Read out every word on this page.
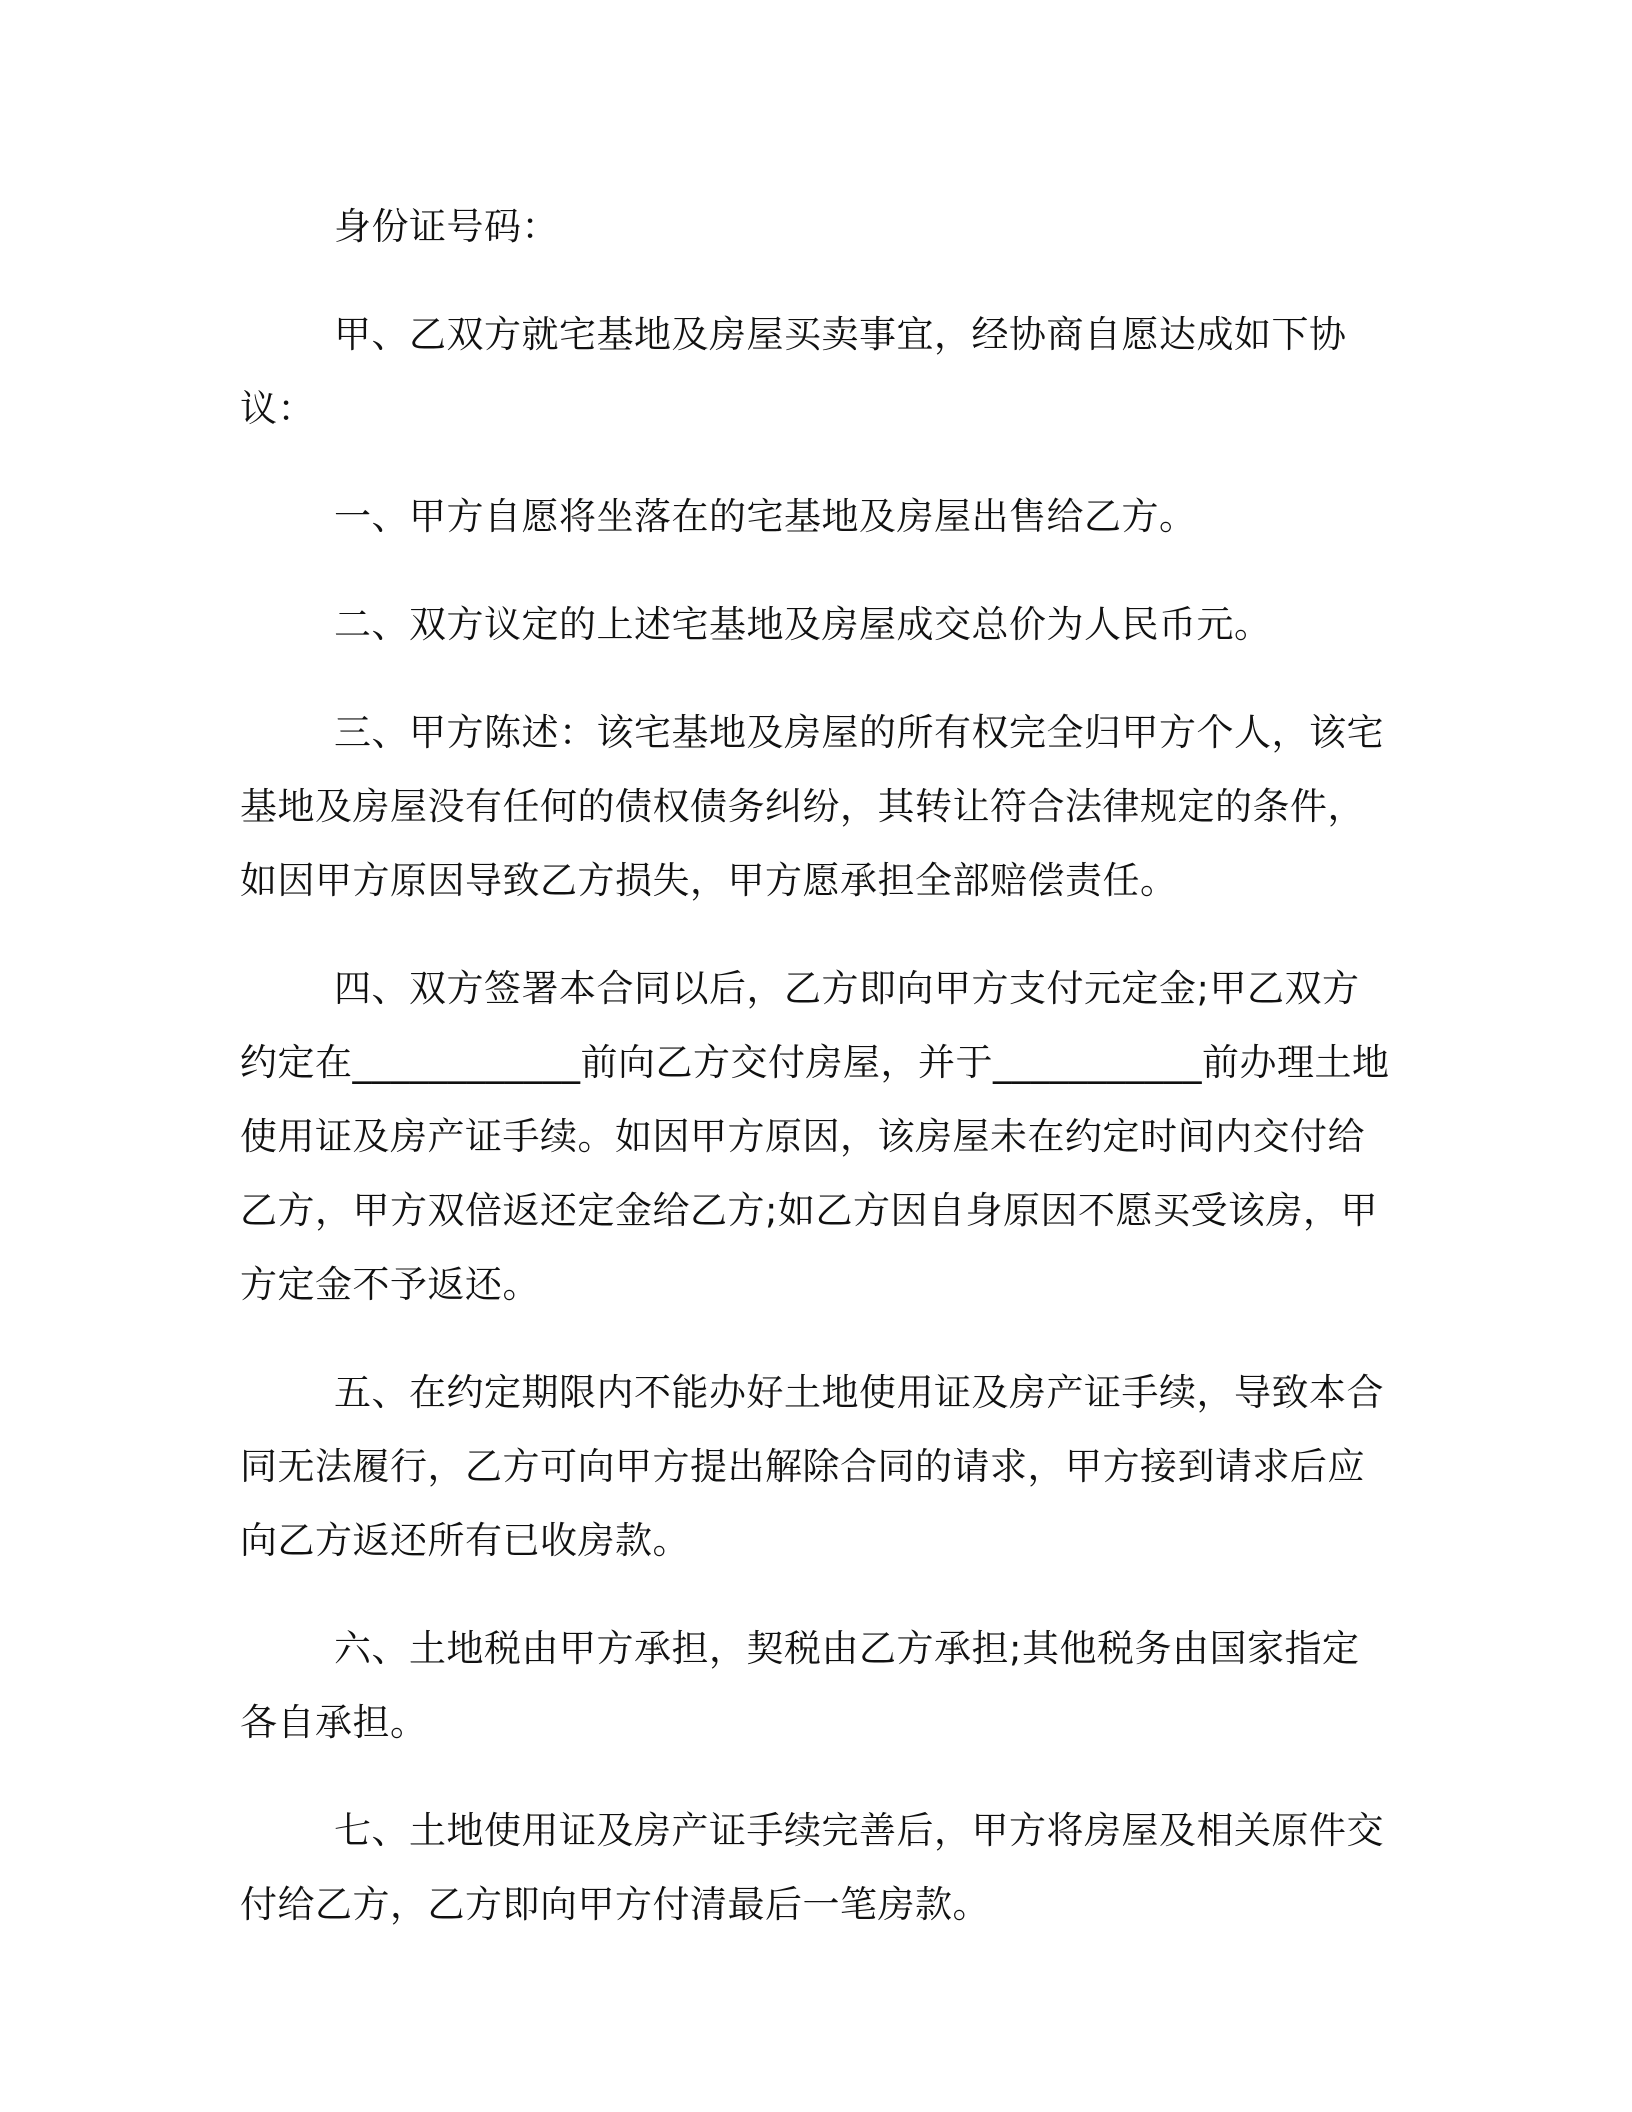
身份证号码：

甲、乙双方就宅基地及房屋买卖事宜，经协商自愿达成如下协议：

一、甲方自愿将坐落在的宅基地及房屋出售给乙方。

二、双方议定的上述宅基地及房屋成交总价为人民币元。

三、甲方陈述：该宅基地及房屋的所有权完全归甲方个人，该宅
基地及房屋没有任何的债权债务纠纷，其转让符合法律规定的条件，
如因甲方原因导致乙方损失，甲方愿承担全部赔偿责任。

四、双方签署本合同以后，乙方即向甲方支付元定金;甲乙双方
约定在____________前向乙方交付房屋，并于___________前办理土地
使用证及房产证手续。如因甲方原因，该房屋未在约定时间内交付给
乙方，甲方双倍返还定金给乙方;如乙方因自身原因不愿买受该房，甲
方定金不予返还。

五、在约定期限内不能办好土地使用证及房产证手续，导致本合
同无法履行，乙方可向甲方提出解除合同的请求，甲方接到请求后应
向乙方返还所有已收房款。

六、土地税由甲方承担，契税由乙方承担;其他税务由国家指定
各自承担。

七、土地使用证及房产证手续完善后，甲方将房屋及相关原件交
付给乙方，乙方即向甲方付清最后一笔房款。
